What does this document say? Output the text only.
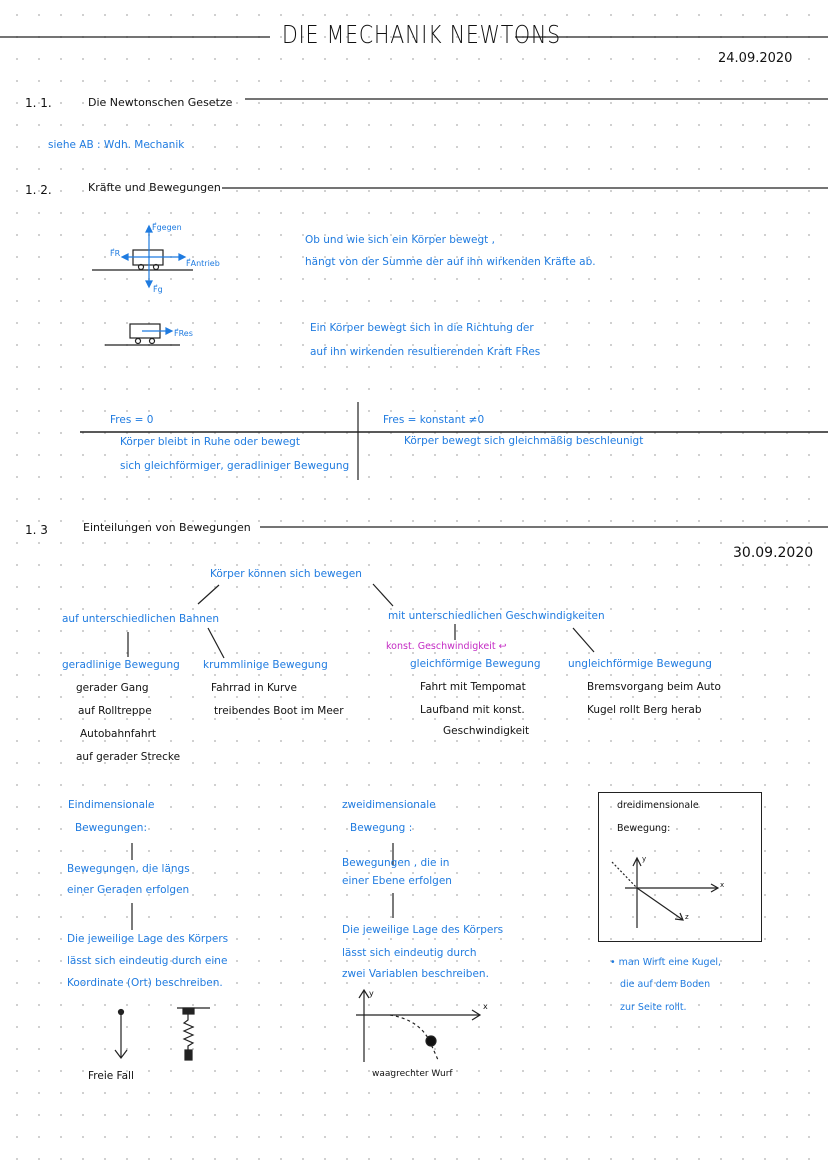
DIE MECHANIK NEWTONS
24.09.2020
1. 1.	Die Newtonschen Gesetze
siehe AB : Wdh. Mechanik
1. 2.	Kräfte und Bewegungen
F⃗gegen
F⃗R
F⃗Antrieb
F⃗g
F⃗Res
Ob und wie sich ein Körper bewegt ,
hängt von der Summe der auf ihn wirkenden Kräfte ab.
Ein Körper bewegt sich in die Richtung der
auf ihn wirkenden resultierenden Kraft FRes
Fres = 0
Körper bleibt in Ruhe oder bewegt
sich gleichförmiger, geradliniger Bewegung
Fres = konstant ≠0
Körper bewegt sich gleichmäßig beschleunigt
1. 3	Einteilungen von Bewegungen
30.09.2020
Körper können sich bewegen
auf unterschiedlichen Bahnen	mit unterschiedlichen Geschwindigkeiten
konst. Geschwindigkeit ↩
geradlinige Bewegung
gerader Gang
auf Rolltreppe
Autobahnfahrt
auf gerader Strecke
krummlinige Bewegung
Fahrrad in Kurve
treibendes Boot im Meer
gleichförmige Bewegung
Fahrt mit Tempomat
Laufband mit konst.
Geschwindigkeit
ungleichförmige Bewegung
Bremsvorgang beim Auto
Kugel rollt Berg herab
Eindimensionale
Bewegungen:
Bewegungen, die längs
einer Geraden erfolgen
Die jeweilige Lage des Körpers
lässt sich eindeutig durch eine
Koordinate (Ort) beschreiben.
Freie Fall
zweidimensionale
Bewegung :
Bewegungen , die in
einer Ebene erfolgen
Die jeweilige Lage des Körpers
lässt sich eindeutig durch
zwei Variablen beschreiben.
y
x
waagrechter Wurf
dreidimensionale
Bewegung:
y
x
z
• man Wirft eine Kugel,
die auf dem Boden
zur Seite rollt.
